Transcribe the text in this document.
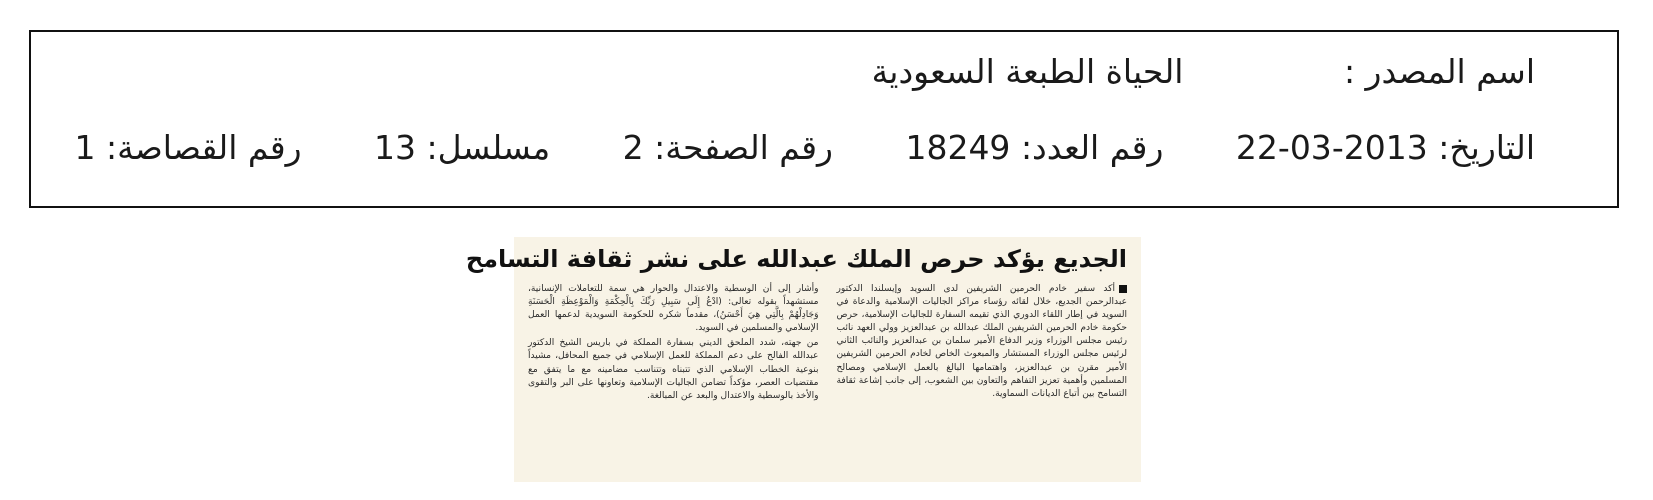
اسم المصدر : الحياة الطبعة السعودية
التاريخ: 2013-03-22 رقم العدد: 18249 رقم الصفحة: 2 مسلسل: 13 رقم القصاصة: 1
الجديع يؤكد حرص الملك عبدالله على نشر ثقافة التسامح

أكد سفير خادم الحرمين الشريفين لدى السويد وإيسلندا الدكتور عبدالرحمن الجديع، خلال لقائه رؤساء مراكز الجاليات الإسلامية والدعاة في السويد في إطار اللقاء الدوري الذي تقيمه السفارة للجاليات الإسلامية، حرص حكومة خادم الحرمين الشريفين الملك عبدالله بن عبدالعزيز وولي العهد نائب رئيس مجلس الوزراء وزير الدفاع الأمير سلمان بن عبدالعزيز والنائب الثاني لرئيس مجلس الوزراء المستشار والمبعوث الخاص لخادم الحرمين الشريفين الأمير مقرن بن عبدالعزيز، واهتمامها البالغ بالعمل الإسلامي ومصالح المسلمين وأهمية تعزيز التفاهم والتعاون بين الشعوب، إلى جانب إشاعة ثقافة التسامح بين أتباع الديانات السماوية.

وأشار إلى أن الوسطية والاعتدال والحوار هي سمة للتعاملات الإنسانية، مستشهداً بقوله تعالى: (ادْعُ إِلَى سَبِيلِ رَبِّكَ بِالْحِكْمَةِ وَالْمَوْعِظَةِ الْحَسَنَةِ وَجَادِلْهُمْ بِالَّتِي هِيَ أَحْسَنُ)، مقدماً شكره للحكومة السويدية لدعمها العمل الإسلامي والمسلمين في السويد.

من جهته، شدد الملحق الديني بسفارة المملكة في باريس الشيخ الدكتور عبدالله الفالح على دعم المملكة للعمل الإسلامي في جميع المحافل، مشيداً بنوعية الخطاب الإسلامي الذي تتبناه وتتناسب مضامينه مع ما يتفق مع مقتضيات العصر، مؤكداً تضامن الجاليات الإسلامية وتعاونها على البر والتقوى والأخذ بالوسطية والاعتدال والبعد عن المبالغة.
